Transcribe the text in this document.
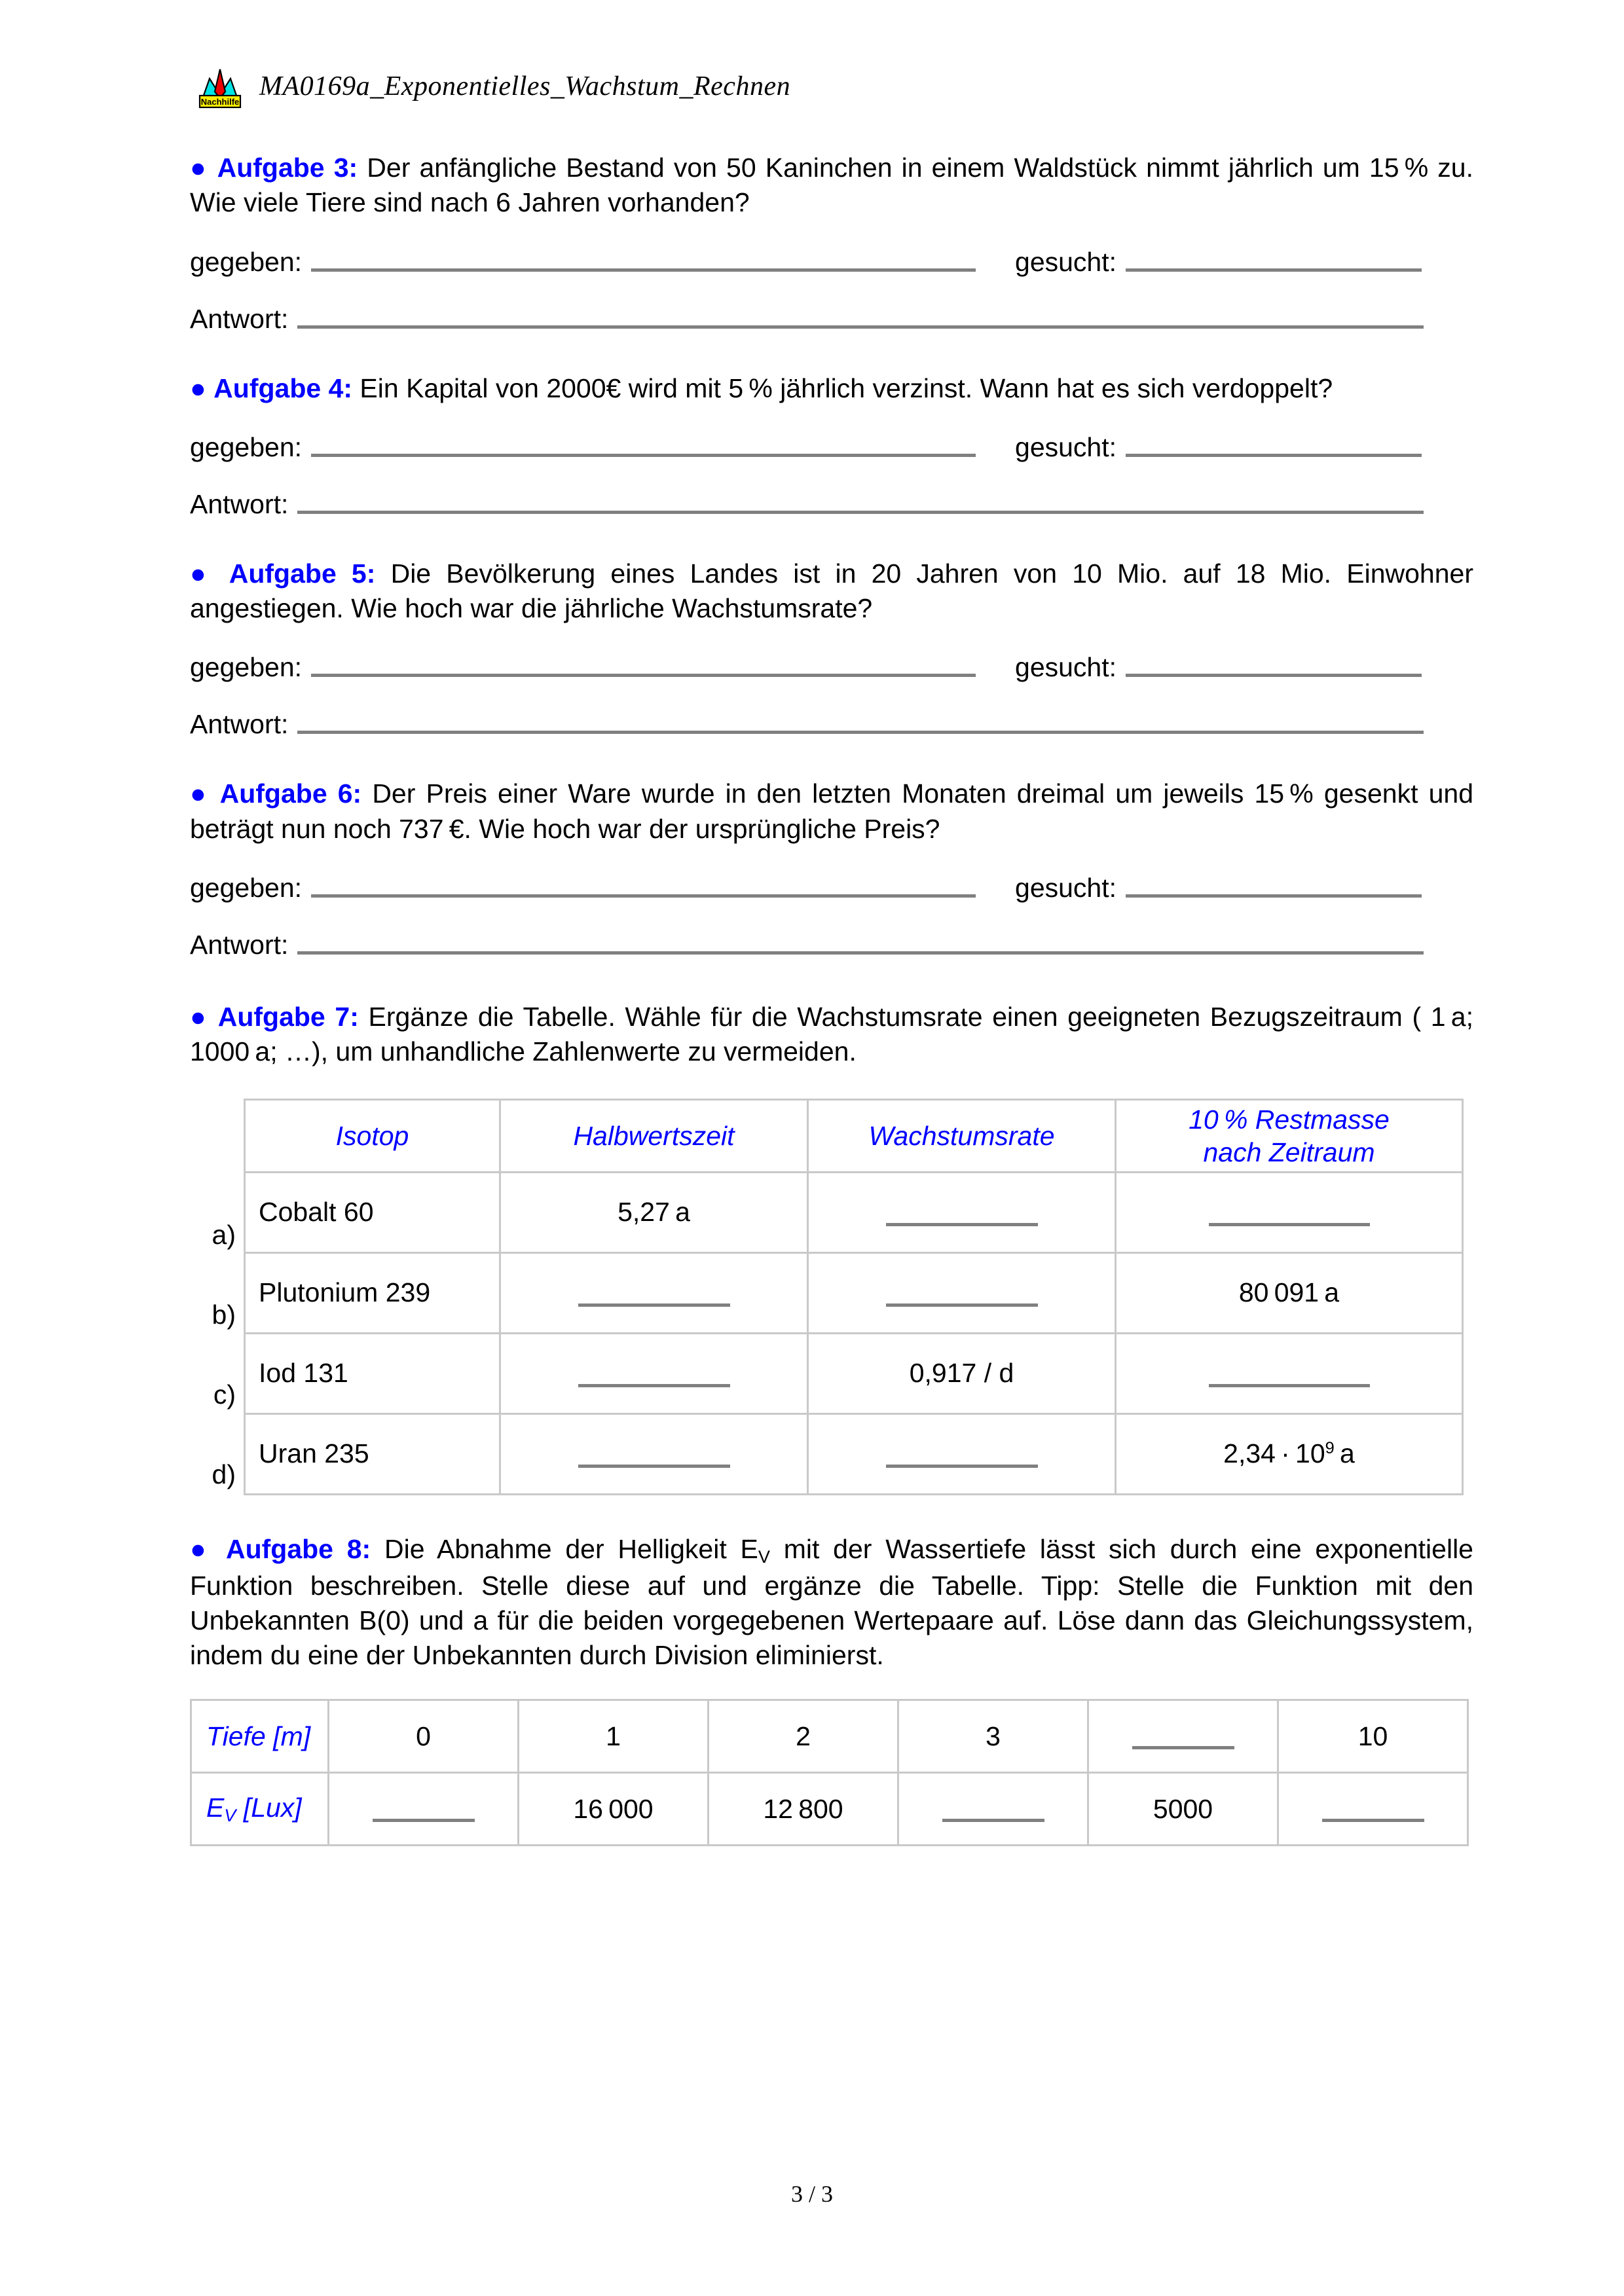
Nachhilfe
MA0169a_Exponentielles_Wachstum_Rechnen

● Aufgabe 3: Der anfängliche Bestand von 50 Kaninchen in einem Waldstück nimmt jährlich um 15 % zu. Wie viele Tiere sind nach 6 Jahren vorhanden?

gegeben:	gesucht:
Antwort:

● Aufgabe 4: Ein Kapital von 2000€ wird mit 5 % jährlich verzinst. Wann hat es sich verdoppelt?

gegeben:	gesucht:
Antwort:

● Aufgabe 5: Die Bevölkerung eines Landes ist in 20 Jahren von 10 Mio. auf 18 Mio. Einwohner angestiegen. Wie hoch war die jährliche Wachstumsrate?

gegeben:	gesucht:
Antwort:

● Aufgabe 6: Der Preis einer Ware wurde in den letzten Monaten dreimal um jeweils 15 % gesenkt und beträgt nun noch 737 €. Wie hoch war der ursprüngliche Preis?

gegeben:	gesucht:
Antwort:

● Aufgabe 7: Ergänze die Tabelle. Wähle für die Wachstumsrate einen geeigneten Bezugszeitraum ( 1 a; 1000 a; …), um unhandliche Zahlenwerte zu vermeiden.

a)
b)
c)
d)
Isotop	Halbwertszeit	Wachstumsrate	10 % Restmasse
nach Zeitraum
Cobalt 60	5,27 a		
Plutonium 239			80 091 a
Iod 131		0,917 / d	
Uran 235			$2,34 \cdot 10^9$ a

● Aufgabe 8: Die Abnahme der Helligkeit $E_V$ mit der Wassertiefe lässt sich durch eine exponentielle Funktion beschreiben. Stelle diese auf und ergänze die Tabelle. Tipp: Stelle die Funktion mit den Unbekannten B(0) und a für die beiden vorgegebenen Wertepaare auf. Löse dann das Gleichungssystem, indem du eine der Unbekannten durch Division eliminierst.

Tiefe [m]	0	1	2	3		10
$E_V$ [Lux]		16 000	12 800		5000	
3 / 3
